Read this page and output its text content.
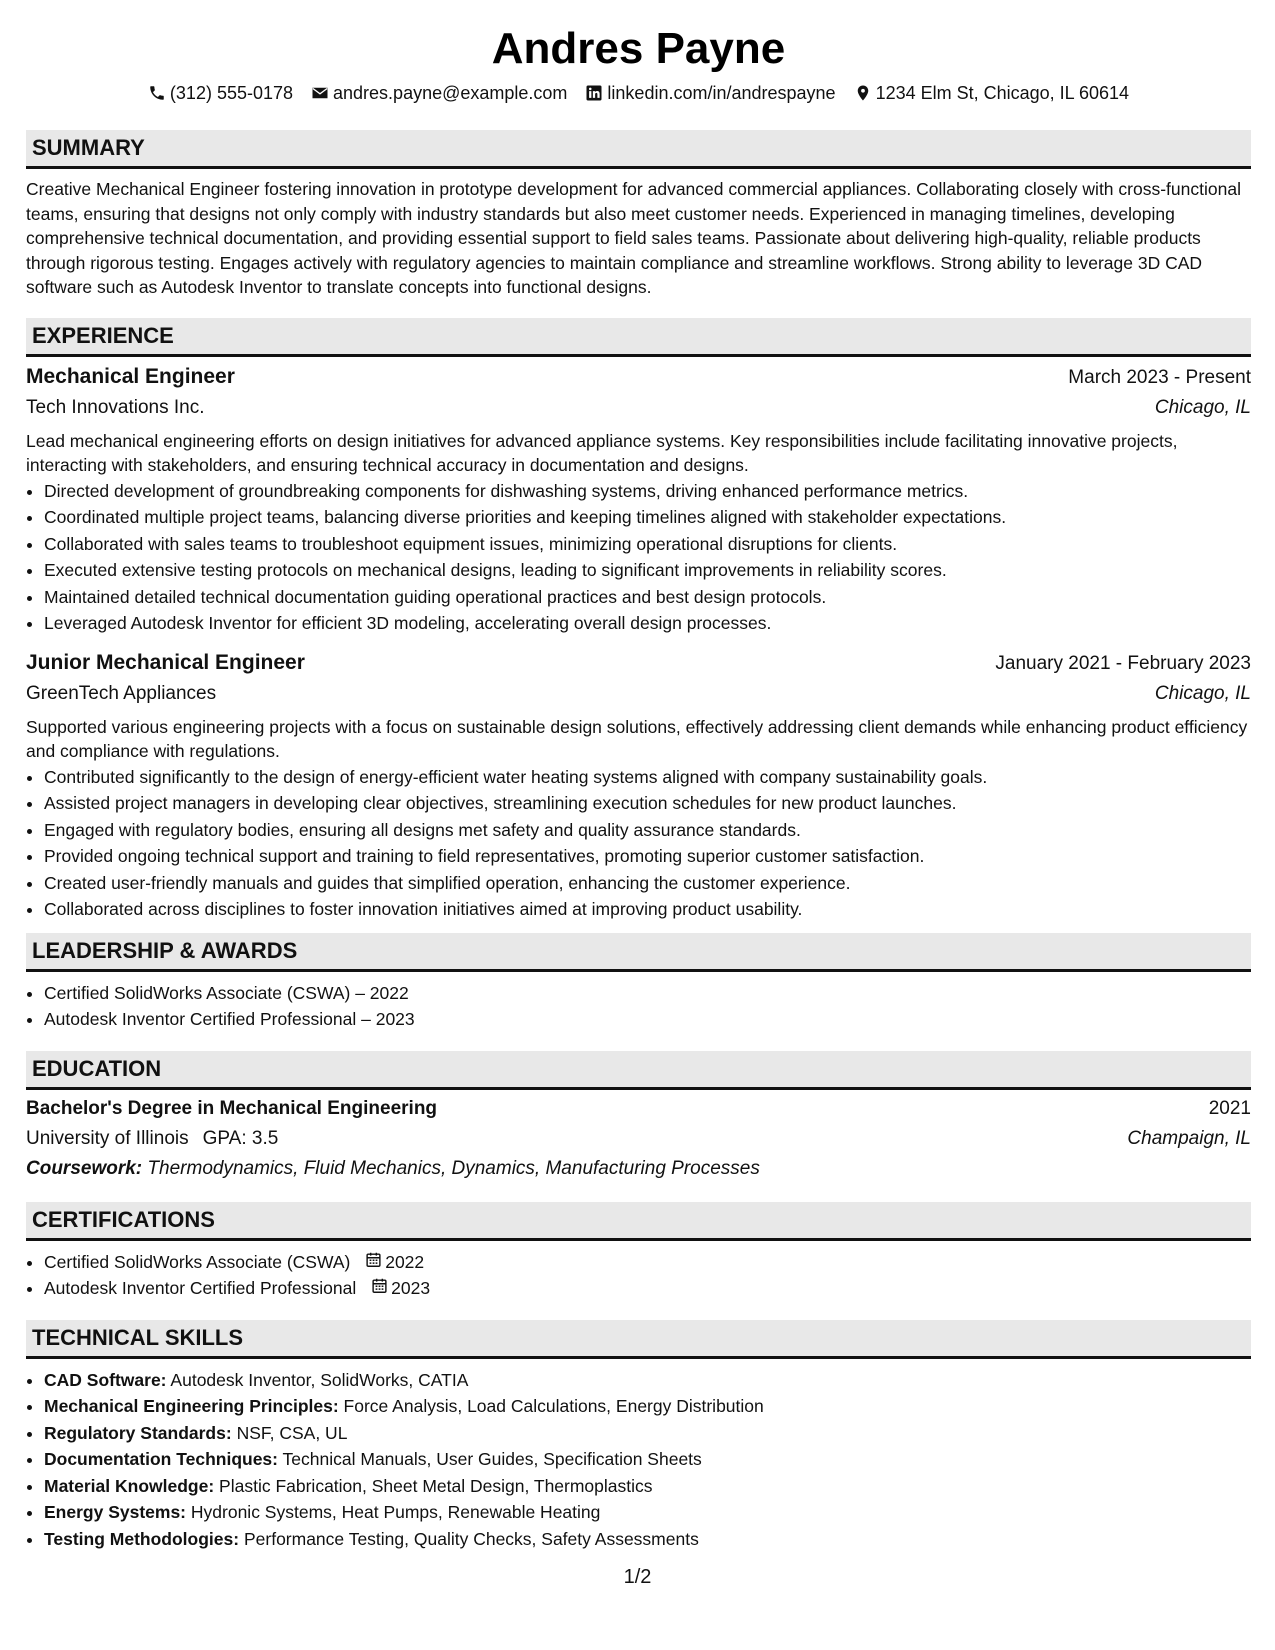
Andres Payne
(312) 555-0178 andres.payne@example.com linkedin.com/in/andrespayne 1234 Elm St, Chicago, IL 60614
SUMMARY

Creative Mechanical Engineer fostering innovation in prototype development for advanced commercial appliances. Collaborating closely with cross-functional teams, ensuring that designs not only comply with industry standards but also meet customer needs. Experienced in managing timelines, developing comprehensive technical documentation, and providing essential support to field sales teams. Passionate about delivering high-quality, reliable products through rigorous testing. Engages actively with regulatory agencies to maintain compliance and streamline workflows. Strong ability to leverage 3D CAD software such as Autodesk Inventor to translate concepts into functional designs.

EXPERIENCE
Mechanical Engineer	March 2023 - Present
Tech Innovations Inc.	Chicago, IL

Lead mechanical engineering efforts on design initiatives for advanced appliance systems. Key responsibilities include facilitating innovative projects, interacting with stakeholders, and ensuring technical accuracy in documentation and designs.

• Directed development of groundbreaking components for dishwashing systems, driving enhanced performance metrics.
• Coordinated multiple project teams, balancing diverse priorities and keeping timelines aligned with stakeholder expectations.
• Collaborated with sales teams to troubleshoot equipment issues, minimizing operational disruptions for clients.
• Executed extensive testing protocols on mechanical designs, leading to significant improvements in reliability scores.
• Maintained detailed technical documentation guiding operational practices and best design protocols.
• Leveraged Autodesk Inventor for efficient 3D modeling, accelerating overall design processes.
Junior Mechanical Engineer	January 2021 - February 2023
GreenTech Appliances	Chicago, IL

Supported various engineering projects with a focus on sustainable design solutions, effectively addressing client demands while enhancing product efficiency and compliance with regulations.

• Contributed significantly to the design of energy-efficient water heating systems aligned with company sustainability goals.
• Assisted project managers in developing clear objectives, streamlining execution schedules for new product launches.
• Engaged with regulatory bodies, ensuring all designs met safety and quality assurance standards.
• Provided ongoing technical support and training to field representatives, promoting superior customer satisfaction.
• Created user-friendly manuals and guides that simplified operation, enhancing the customer experience.
• Collaborated across disciplines to foster innovation initiatives aimed at improving product usability.
LEADERSHIP & AWARDS
• Certified SolidWorks Associate (CSWA) – 2022
• Autodesk Inventor Certified Professional – 2023
EDUCATION
Bachelor's Degree in Mechanical Engineering	2021
University of Illinois GPA: 3.5	Champaign, IL
Coursework: Thermodynamics, Fluid Mechanics, Dynamics, Manufacturing Processes
CERTIFICATIONS
• Certified SolidWorks Associate (CSWA) 2022
• Autodesk Inventor Certified Professional 2023
TECHNICAL SKILLS
• CAD Software: Autodesk Inventor, SolidWorks, CATIA
• Mechanical Engineering Principles: Force Analysis, Load Calculations, Energy Distribution
• Regulatory Standards: NSF, CSA, UL
• Documentation Techniques: Technical Manuals, User Guides, Specification Sheets
• Material Knowledge: Plastic Fabrication, Sheet Metal Design, Thermoplastics
• Energy Systems: Hydronic Systems, Heat Pumps, Renewable Heating
• Testing Methodologies: Performance Testing, Quality Checks, Safety Assessments
1/2
